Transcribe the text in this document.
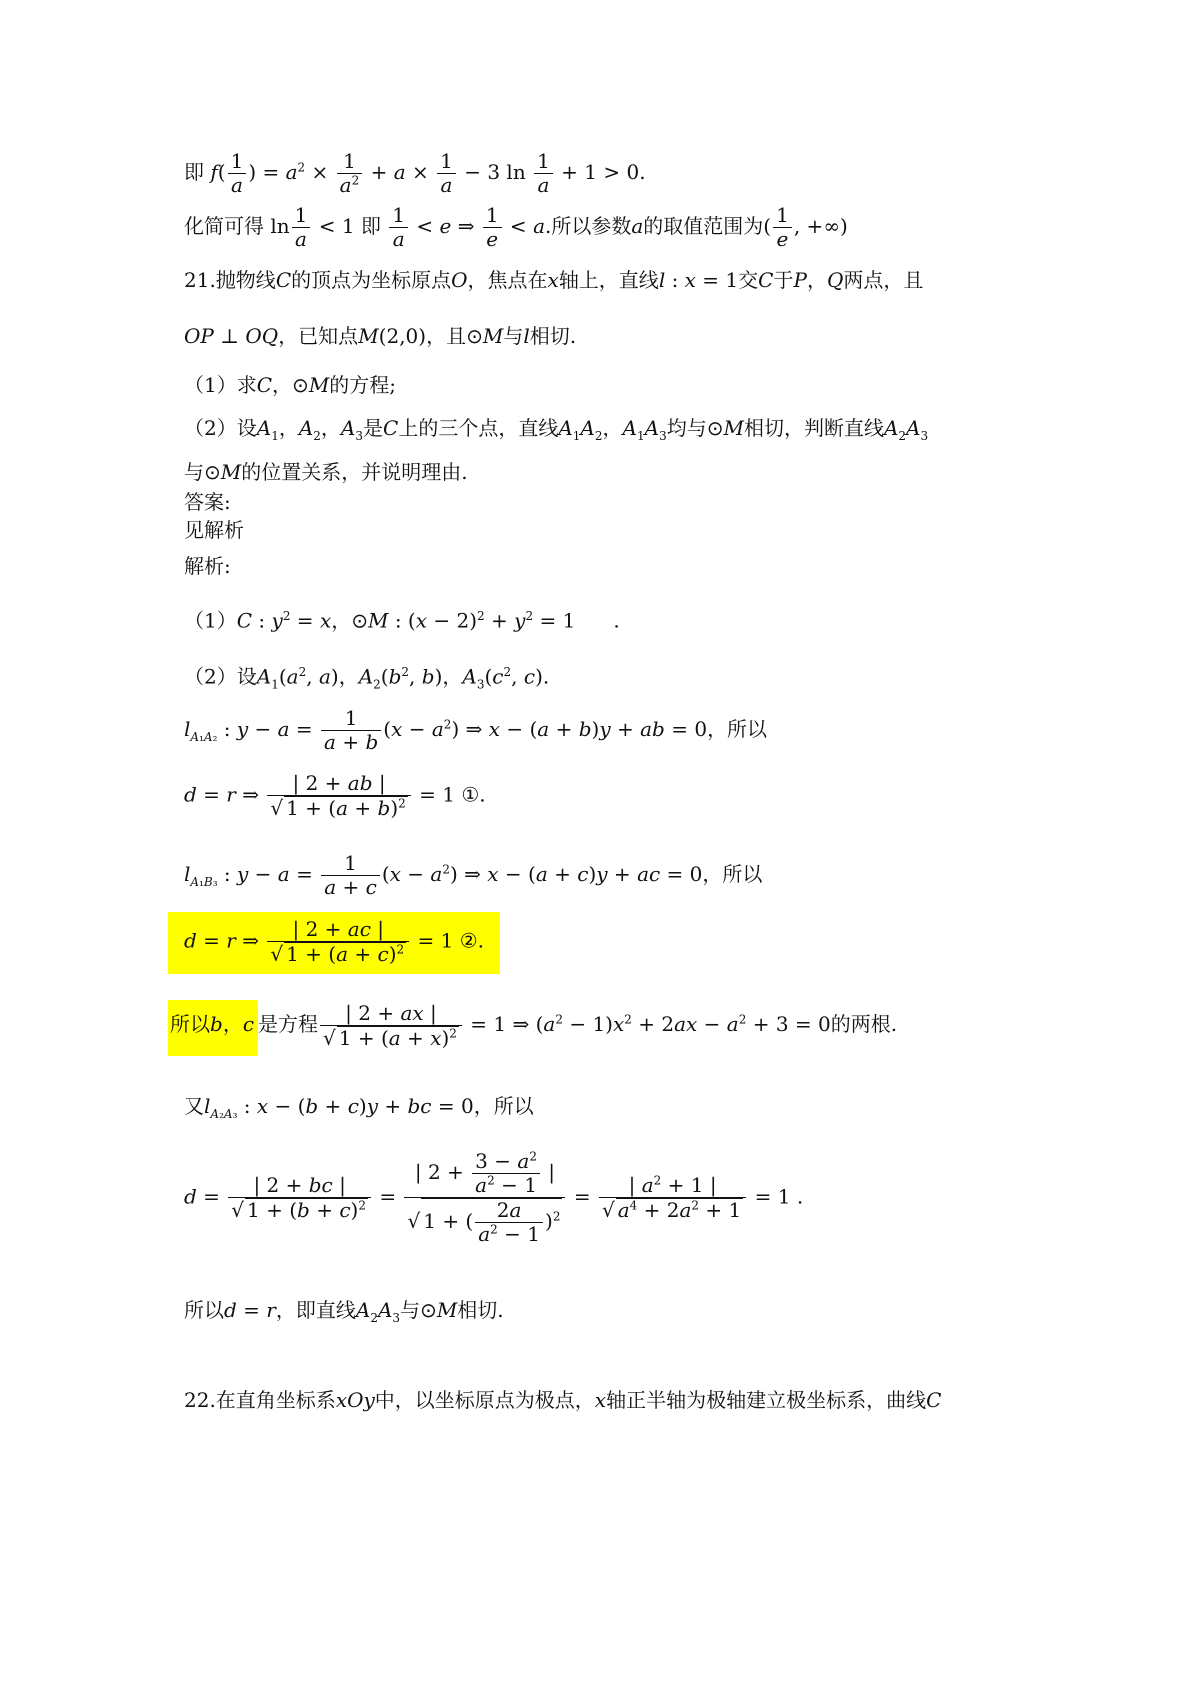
即 $f( \frac{1}{a}$ ) = $a^2 \times \frac{1}{a^2} + a \times \frac{1}{a} - 3$ $\ln \frac{1}{a} + 1 > 0$.
化简可得 $\ln \frac{1}{a} < 1$ 即 $\frac{1}{a} < e$ ⇒ $\frac{1}{e} < a$.所以参数a的取值范围为( $\frac{1}{e}$ , +∞)
21.抛物线C的顶点为坐标原点O，焦点在x轴上，直线l : x = 1交C于P，Q两点，且
OP ⊥ OQ，已知点M(2,0)，且⊙M与l相切.
（1）求C，⊙M的方程;
（2）设$A_1$，$A_2$，$A_3$是C上的三个点，直线$A_1A_2$，$A_1A_3$均与⊙M相切，判断直线$A_2A_3$
与⊙M的位置关系，并说明理由.
答案:
见解析
解析:
（1）C : $y^2 = x$，⊙M : $(x - 2)^2 + y^2 = 1$      .
（2）设$A_1(a^2$, a)，$A_2(b^2$, b)，$A_3(c^2$, c).
$l_{A_1A_2}$ : $y - a = \frac{1}{a + b} (x - a^2)$ ⇒ x − (a + b)y + ab = 0，所以
d = r ⇒ $\frac{| 2 + ab |}{√ 1 + (a + b)^2} = 1$ ①.
$l_{A_1B_3}$ : $y - a = \frac{1}{a + c} (x - a^2)$ ⇒ x − (a + c)y + ac = 0，所以
d = r ⇒ $\frac{| 2 + ac |}{√ 1 + (a + c)^2} = 1$ ②.
所以b，c 是方程 $\frac{| 2 + ax |}{√ 1 + (a + x)^2} = 1$ ⇒ $(a^2 - 1)x^2 + 2ax - a^2 + 3 = 0$的两根.
又$l_{A_2A_3}$ : x − (b + c)y + bc = 0，所以
$d = \frac{| 2 + bc |}{√ 1 + (b + c)^2} = \frac{| 2 + \frac{3 - a^2}{a^2 - 1} |}{√ 1 + ( \frac{2a}{a^2 - 1} )^2} = \frac{| a^2 + 1 |}{√ a^4 + 2a^2 + 1} = 1$ .
所以d = r，即直线$A_2A_3$与⊙M相切.
22.在直角坐标系xOy中，以坐标原点为极点，x轴正半轴为极轴建立极坐标系，曲线C
